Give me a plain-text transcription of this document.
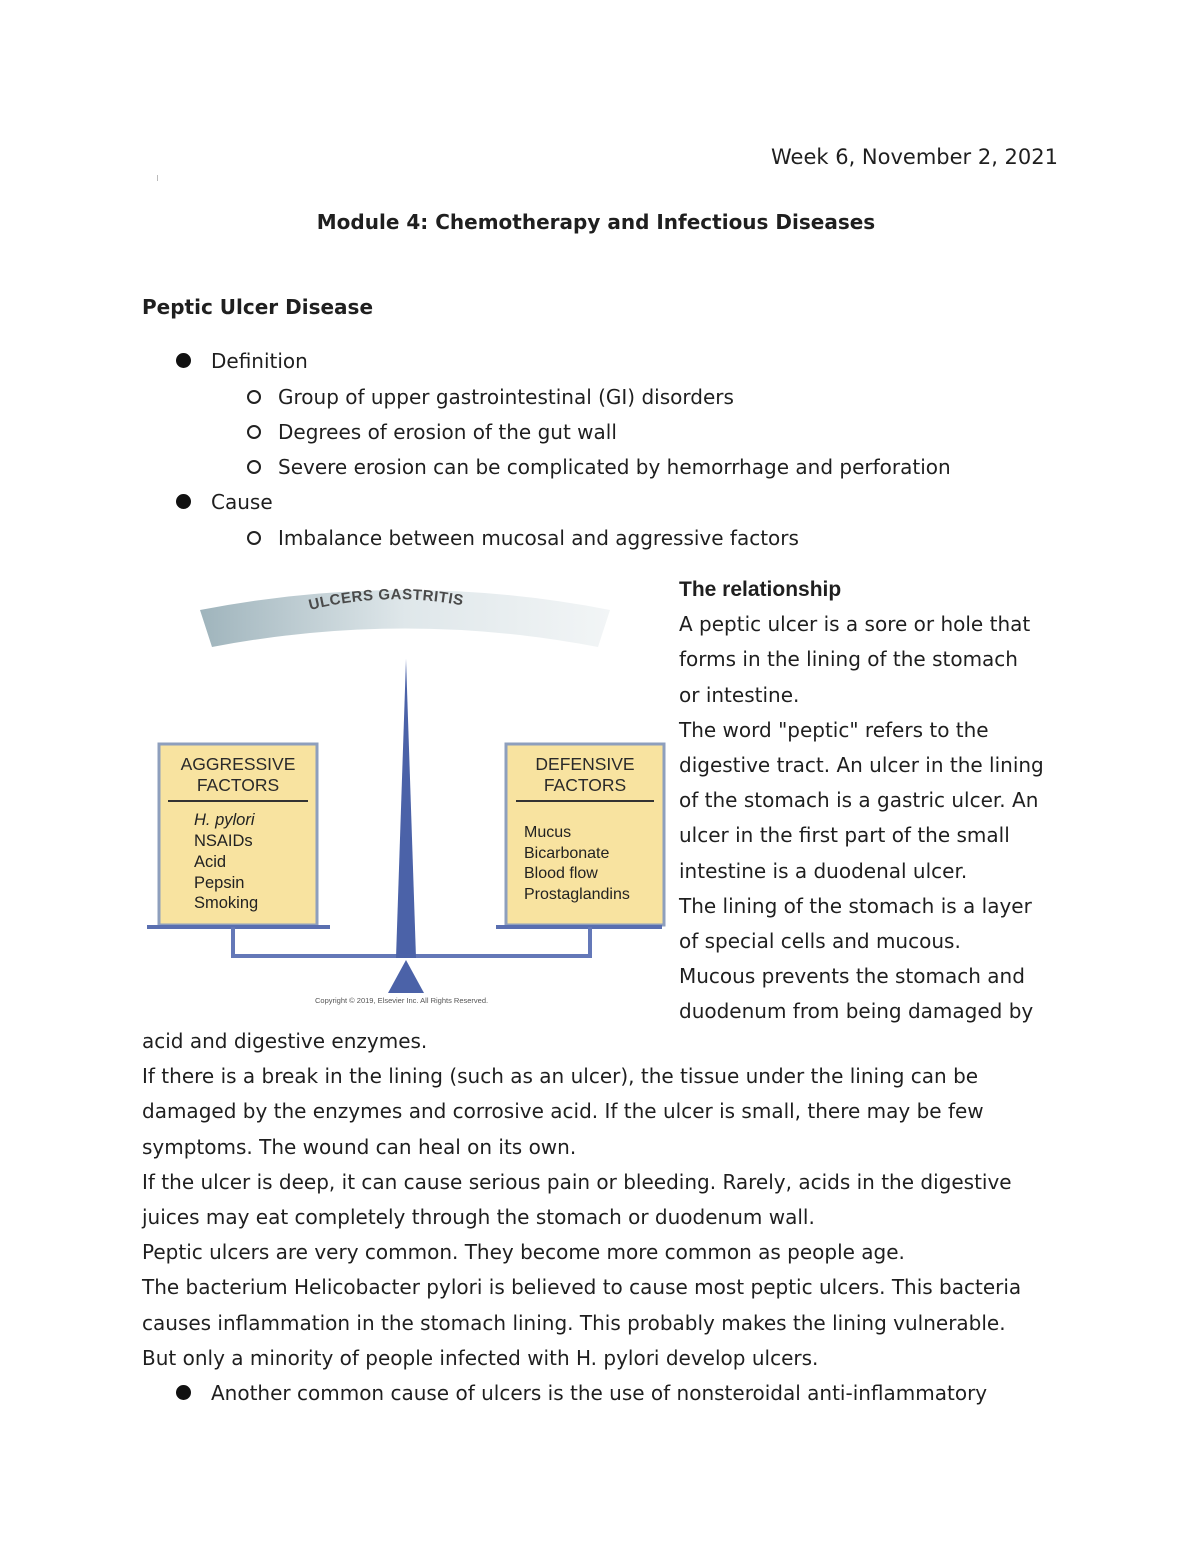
Week 6, November 2, 2021
Module 4: Chemotherapy and Infectious Diseases
Peptic Ulcer Disease
Definition
Group of upper gastrointestinal (GI) disorders
Degrees of erosion of the gut wall
Severe erosion can be complicated by hemorrhage and perforation
Cause
Imbalance between mucosal and aggressive factors
ULCERS GASTRITIS
AGGRESSIVE
FACTORS
H. pylori
NSAIDs
Acid
Pepsin
Smoking
DEFENSIVE
FACTORS
Mucus
Bicarbonate
Blood flow
Prostaglandins
Copyright © 2019, Elsevier Inc. All Rights Reserved.
The relationship
A peptic ulcer is a sore or hole that
forms in the lining of the stomach
or intestine.
The word "peptic" refers to the
digestive tract. An ulcer in the lining
of the stomach is a gastric ulcer. An
ulcer in the first part of the small
intestine is a duodenal ulcer.
The lining of the stomach is a layer
of special cells and mucous.
Mucous prevents the stomach and
duodenum from being damaged by
acid and digestive enzymes.
If there is a break in the lining (such as an ulcer), the tissue under the lining can be
damaged by the enzymes and corrosive acid. If the ulcer is small, there may be few
symptoms. The wound can heal on its own.
If the ulcer is deep, it can cause serious pain or bleeding. Rarely, acids in the digestive
juices may eat completely through the stomach or duodenum wall.
Peptic ulcers are very common. They become more common as people age.
The bacterium Helicobacter pylori is believed to cause most peptic ulcers. This bacteria
causes inflammation in the stomach lining. This probably makes the lining vulnerable.
But only a minority of people infected with H. pylori develop ulcers.
Another common cause of ulcers is the use of nonsteroidal anti-inflammatory
